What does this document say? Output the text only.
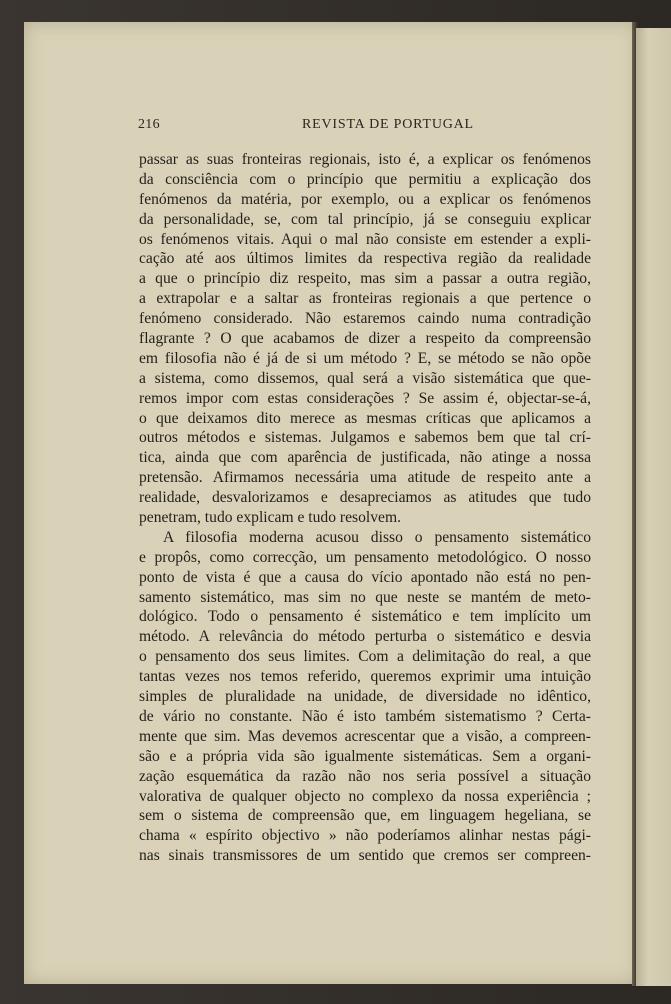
216	REVISTA DE PORTUGAL
passar as suas fronteiras regionais, isto é, a explicar os fenómenos
da consciência com o princípio que permitiu a explicação dos
fenómenos da matéria, por exemplo, ou a explicar os fenómenos
da personalidade, se, com tal princípio, já se conseguiu explicar
os fenómenos vitais. Aqui o mal não consiste em estender a expli-
cação até aos últimos limites da respectiva região da realidade
a que o princípio diz respeito, mas sim a passar a outra região,
a extrapolar e a saltar as fronteiras regionais a que pertence o
fenómeno considerado. Não estaremos caindo numa contradição
flagrante ? O que acabamos de dizer a respeito da compreensão
em filosofia não é já de si um método ? E, se método se não opõe
a sistema, como dissemos, qual será a visão sistemática que que-
remos impor com estas considerações ? Se assim é, objectar-se-á,
o que deixamos dito merece as mesmas críticas que aplicamos a
outros métodos e sistemas. Julgamos e sabemos bem que tal crí-
tica, ainda que com aparência de justificada, não atinge a nossa
pretensão. Afirmamos necessária uma atitude de respeito ante a
realidade, desvalorizamos e desapreciamos as atitudes que tudo
penetram, tudo explicam e tudo resolvem.
A filosofia moderna acusou disso o pensamento sistemático
e propôs, como correcção, um pensamento metodológico. O nosso
ponto de vista é que a causa do vício apontado não está no pen-
samento sistemático, mas sim no que neste se mantém de meto-
dológico. Todo o pensamento é sistemático e tem implícito um
método. A relevância do método perturba o sistemático e desvia
o pensamento dos seus limites. Com a delimitação do real, a que
tantas vezes nos temos referido, queremos exprimir uma intuição
simples de pluralidade na unidade, de diversidade no idêntico,
de vário no constante. Não é isto também sistematismo ? Certa-
mente que sim. Mas devemos acrescentar que a visão, a compreen-
são e a própria vida são igualmente sistemáticas. Sem a organi-
zação esquemática da razão não nos seria possível a situação
valorativa de qualquer objecto no complexo da nossa experiência ;
sem o sistema de compreensão que, em linguagem hegeliana, se
chama « espírito objectivo » não poderíamos alinhar nestas pági-
nas sinais transmissores de um sentido que cremos ser compreen-
